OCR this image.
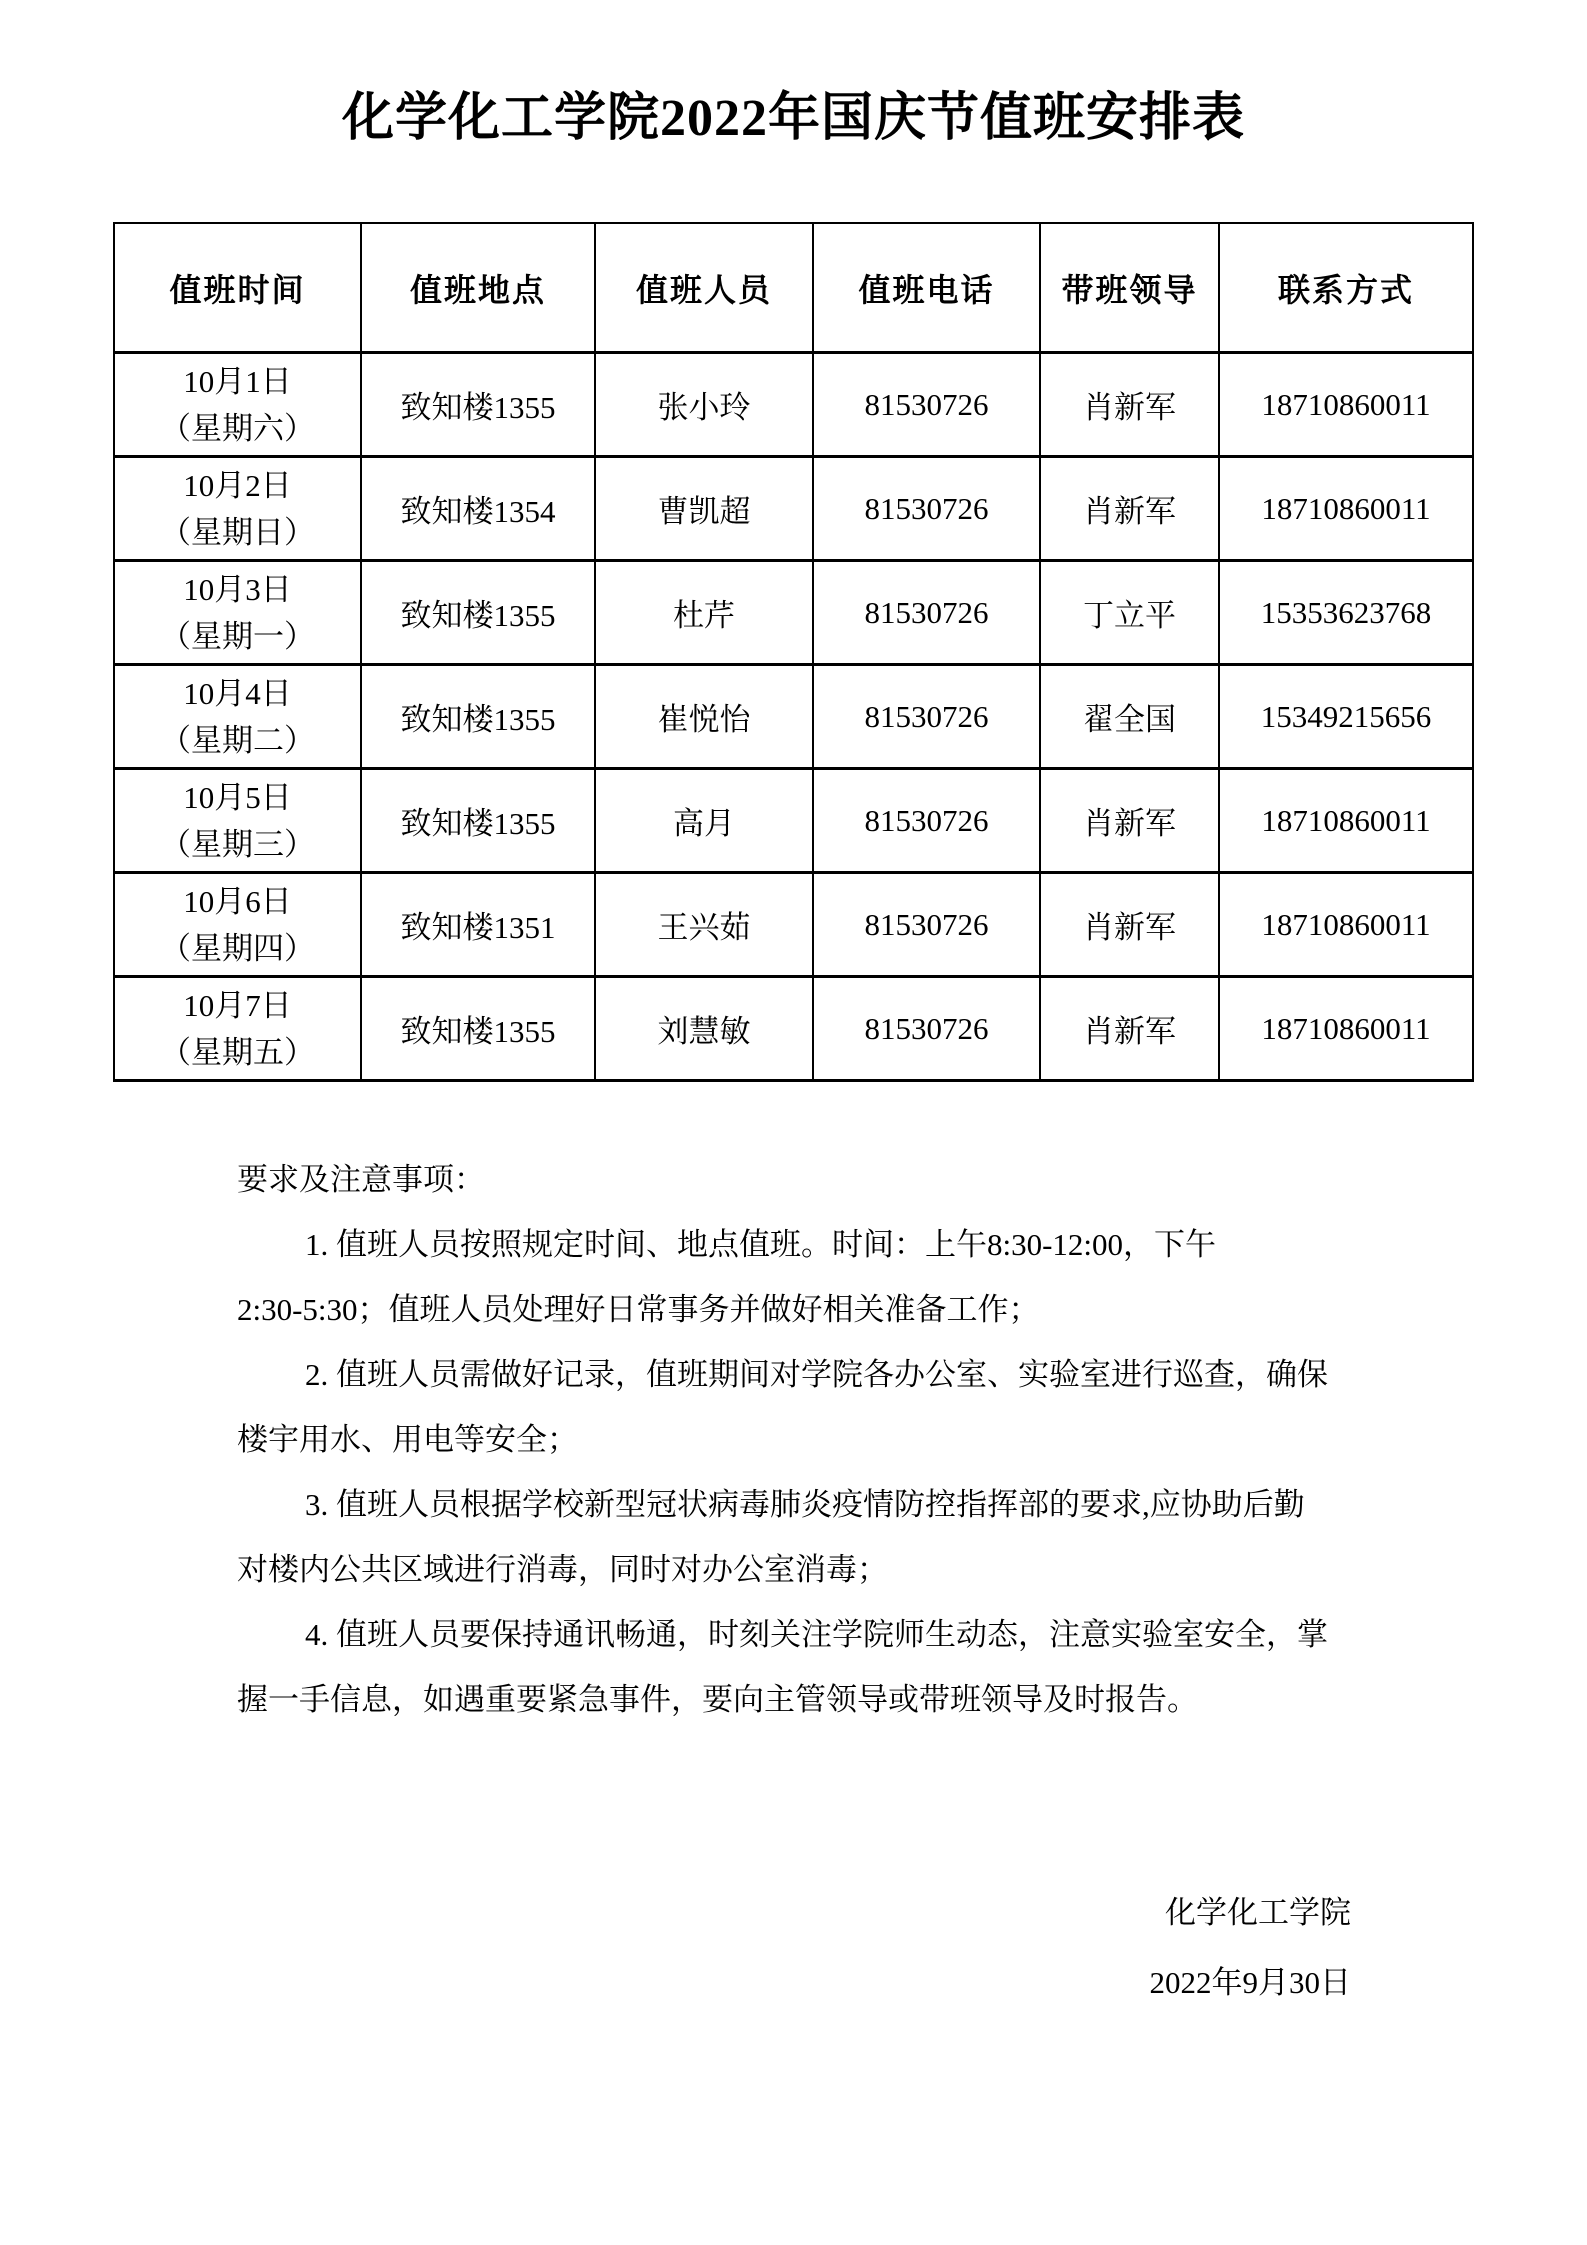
化学化工学院2022年国庆节值班安排表
值班时间	值班地点	值班人员	值班电话	带班领导	联系方式

10月1日
（星期六）	致知楼1355	张小玲	81530726	肖新军	18710860011

10月2日
（星期日）	致知楼1354	曹凯超	81530726	肖新军	18710860011

10月3日
（星期一）	致知楼1355	杜芹	81530726	丁立平	15353623768

10月4日
（星期二）	致知楼1355	崔悦怡	81530726	翟全国	15349215656

10月5日
（星期三）	致知楼1355	高月	81530726	肖新军	18710860011

10月6日
（星期四）	致知楼1351	王兴茹	81530726	肖新军	18710860011

10月7日
（星期五）	致知楼1355	刘慧敏	81530726	肖新军	18710860011
要求及注意事项：
1. 值班人员按照规定时间、地点值班。时间：上午8:30-12:00，下午
2:30-5:30；值班人员处理好日常事务并做好相关准备工作；
2. 值班人员需做好记录，值班期间对学院各办公室、实验室进行巡查，确保
楼宇用水、用电等安全；
3. 值班人员根据学校新型冠状病毒肺炎疫情防控指挥部的要求,应协助后勤
对楼内公共区域进行消毒，同时对办公室消毒；
4. 值班人员要保持通讯畅通，时刻关注学院师生动态，注意实验室安全，掌
握一手信息，如遇重要紧急事件，要向主管领导或带班领导及时报告。
化学化工学院
2022年9月30日
